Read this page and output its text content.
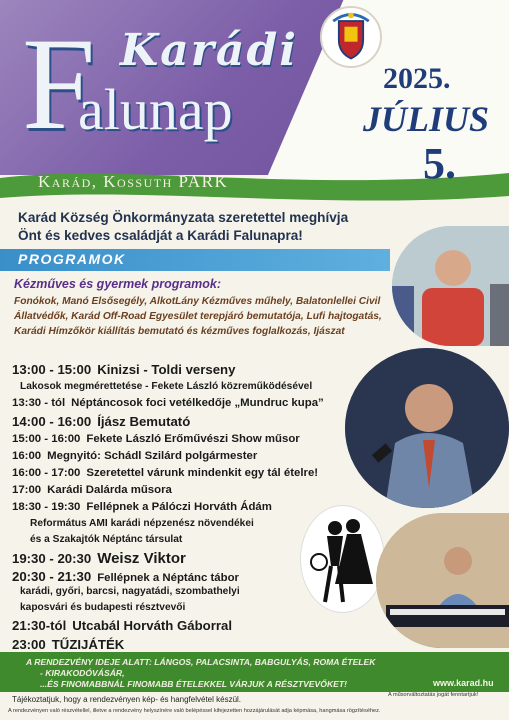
F Karádi
alunap	2025.
JÚLIUS
5.
Karád, Kossuth PARK
Karád Község Önkormányzata szeretettel meghívja
Önt és kedves családját a Karádi Falunapra!
PROGRAMOK
Kézműves és gyermek programok:
Fonókok, Manó Elsősegély, AlkotLány Kézműves műhely, Balatonlellei Civil Állatvédők, Karád Off-Road Egyesület terepjáró bemutatója, Lufi hajtogatás, Karádi Hímzőkör kiállítás bemutató és kézműves foglalkozás, Ijászat
13:00 - 15:00 Kinizsi - Toldi verseny
Lakosok megmérettetése - Fekete László közreműködésével
13:30 - tól Néptáncosok foci vetélkedője „Mundruc kupa”
14:00 - 16:00 Íjász Bemutató
15:00 - 16:00 Fekete László Erőművészi Show műsor
16:00 Megnyitó: Schádl Szilárd polgármester
16:00 - 17:00 Szeretettel várunk mindenkit egy tál ételre!
17:00 Karádi Dalárda műsora
18:30 - 19:30 Fellépnek a Pálóczi Horváth Ádám
Református AMI karádi népzenész növendékei
és a Szakajtók Néptánc társulat
19:30 - 20:30 Weisz Viktor
20:30 - 21:30 Fellépnek a Néptánc tábor
karádi, győri, barcsi, nagyatádi, szombathelyi
kaposvári és budapesti résztvevői
21:30-tól Utcabál Horváth Gáborral
23:00 TŰZIJÁTÉK
A RENDEZVÉNY IDEJE ALATT: LÁNGOS, PALACSINTA, BABGULYÁS, ROMA ÉTELEK
- KIRAKODÓVÁSÁR,
...ÉS FINOMABBNÁL FINOMABB ÉTELEKKEL VÁRJUK A RÉSZTVEVŐKET!	www.karad.hu
A műsorváltoztatás jogát fenntartjuk!
Tájékoztatjuk, hogy a rendezvényen kép- és hangfelvétel készül.
A rendezvényen való részvétellel, illetve a rendezvény helyszínére való belépéssel kifejezetten hozzájárulását adja képmása, hangmása rögzítéséhez.
